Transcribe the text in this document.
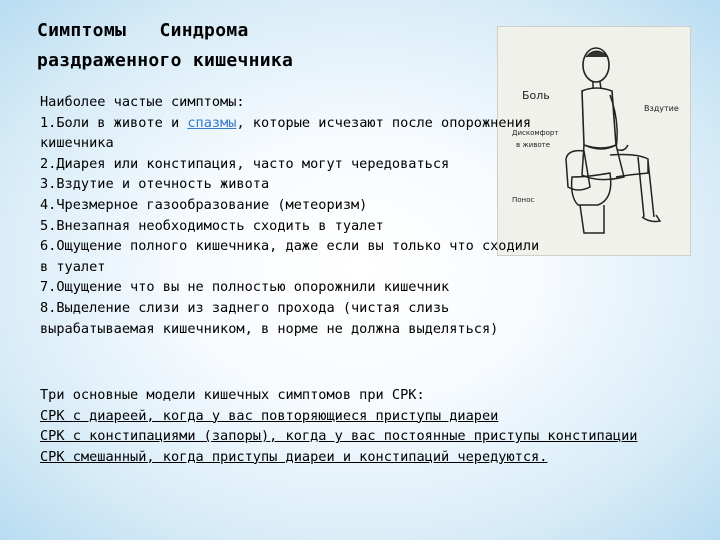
Симптомы   Синдрома
раздраженного кишечника
Боль
Вздутие
Дискомфорт
в животе
Понос
Наиболее частые симптомы:
1.Боли в животе и спазмы, которые исчезают после опорожнения кишечника
2.Диарея или констипация, часто могут чередоваться
3.Вздутие и отечность живота
4.Чрезмерное газообразование (метеоризм)
5.Внезапная необходимость сходить в туалет
6.Ощущение полного кишечника, даже если вы только что сходили в туалет
7.Ощущение что вы не полностью опорожнили кишечник
8.Выделение слизи из заднего прохода (чистая слизь вырабатываемая кишечником, в норме не должна выделяться)
Три основные модели кишечных симптомов при СРК:
СРК с диареей, когда у вас повторяющиеся приступы диареи
СРК с констипациями (запоры), когда у вас постоянные приступы констипации
СРК смешанный, когда приступы диареи и констипаций чередуются.
